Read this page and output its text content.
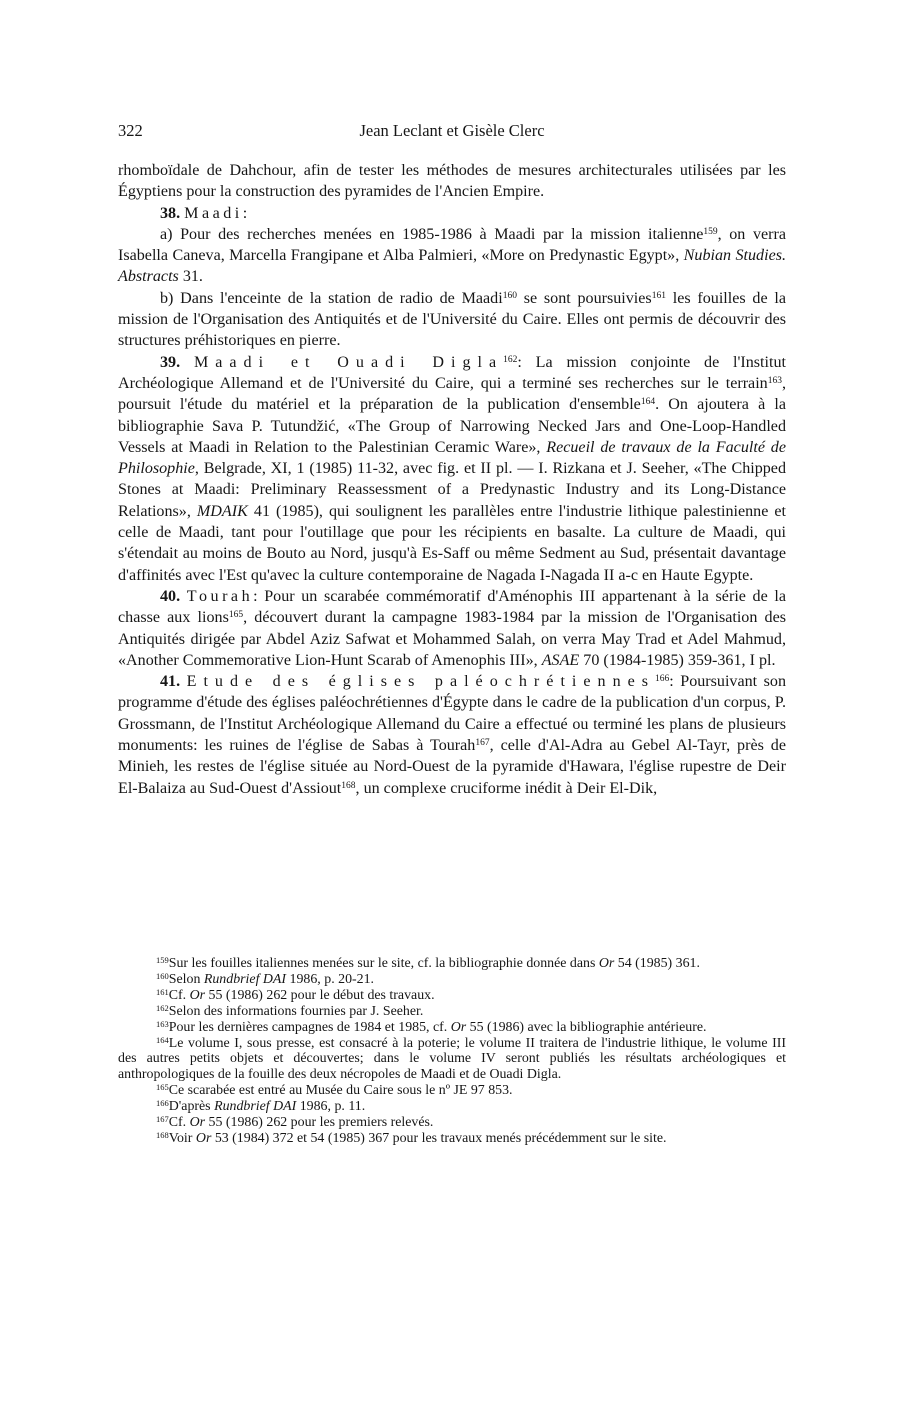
322	Jean Leclant et Gisèle Clerc

rhomboïdale de Dahchour, afin de tester les méthodes de mesures architecturales utilisées par les Égyptiens pour la construction des pyramides de l'Ancien Empire.

38. Maadi:

a) Pour des recherches menées en 1985-1986 à Maadi par la mission italienne$^{159}$, on verra Isabella Caneva, Marcella Frangipane et Alba Palmieri, «More on Predynastic Egypt», Nubian Studies. Abstracts 31.

b) Dans l'enceinte de la station de radio de Maadi$^{160}$ se sont poursuivies$^{161}$ les fouilles de la mission de l'Organisation des Antiquités et de l'Université du Caire. Elles ont permis de découvrir des structures préhistoriques en pierre.

39. Maadi et Ouadi Digla$^{162}$: La mission conjointe de l'Institut Archéologique Allemand et de l'Université du Caire, qui a terminé ses recherches sur le terrain$^{163}$, poursuit l'étude du matériel et la préparation de la publication d'ensemble$^{164}$. On ajoutera à la bibliographie Sava P. Tutundžić, «The Group of Narrowing Necked Jars and One-Loop-Handled Vessels at Maadi in Relation to the Palestinian Ceramic Ware», Recueil de travaux de la Faculté de Philosophie, Belgrade, XI, 1 (1985) 11-32, avec fig. et II pl. — I. Rizkana et J. Seeher, «The Chipped Stones at Maadi: Preliminary Reassessment of a Predynastic Industry and its Long-Distance Relations», MDAIK 41 (1985), qui soulignent les parallèles entre l'industrie lithique palestinienne et celle de Maadi, tant pour l'outillage que pour les récipients en basalte. La culture de Maadi, qui s'étendait au moins de Bouto au Nord, jusqu'à Es-Saff ou même Sedment au Sud, présentait davantage d'affinités avec l'Est qu'avec la culture contemporaine de Nagada I-Nagada II a-c en Haute Egypte.

40. Tourah: Pour un scarabée commémoratif d'Aménophis III appartenant à la série de la chasse aux lions$^{165}$, découvert durant la campagne 1983-1984 par la mission de l'Organisation des Antiquités dirigée par Abdel Aziz Safwat et Mohammed Salah, on verra May Trad et Adel Mahmud, «Another Commemorative Lion-Hunt Scarab of Amenophis III», ASAE 70 (1984-1985) 359-361, I pl.

41. Etude des églises paléochrétiennes$^{166}$: Poursuivant son programme d'étude des églises paléochrétiennes d'Égypte dans le cadre de la publication d'un corpus, P. Grossmann, de l'Institut Archéologique Allemand du Caire a effectué ou terminé les plans de plusieurs monuments: les ruines de l'église de Sabas à Tourah$^{167}$, celle d'Al-Adra au Gebel Al-Tayr, près de Minieh, les restes de l'église située au Nord-Ouest de la pyramide d'Hawara, l'église rupestre de Deir El-Balaiza au Sud-Ouest d'Assiout$^{168}$, un complexe cruciforme inédit à Deir El-Dik,

$^{159}$Sur les fouilles italiennes menées sur le site, cf. la bibliographie donnée dans Or 54 (1985) 361.

$^{160}$Selon Rundbrief DAI 1986, p. 20-21.

$^{161}$Cf. Or 55 (1986) 262 pour le début des travaux.

$^{162}$Selon des informations fournies par J. Seeher.

$^{163}$Pour les dernières campagnes de 1984 et 1985, cf. Or 55 (1986) avec la bibliographie antérieure.

$^{164}$Le volume I, sous presse, est consacré à la poterie; le volume II traitera de l'industrie lithique, le volume III des autres petits objets et découvertes; dans le volume IV seront publiés les résultats archéologiques et anthropologiques de la fouille des deux nécropoles de Maadi et de Ouadi Digla.

$^{165}$Ce scarabée est entré au Musée du Caire sous le nº JE 97 853.

$^{166}$D'après Rundbrief DAI 1986, p. 11.

$^{167}$Cf. Or 55 (1986) 262 pour les premiers relevés.

$^{168}$Voir Or 53 (1984) 372 et 54 (1985) 367 pour les travaux menés précédemment sur le site.
